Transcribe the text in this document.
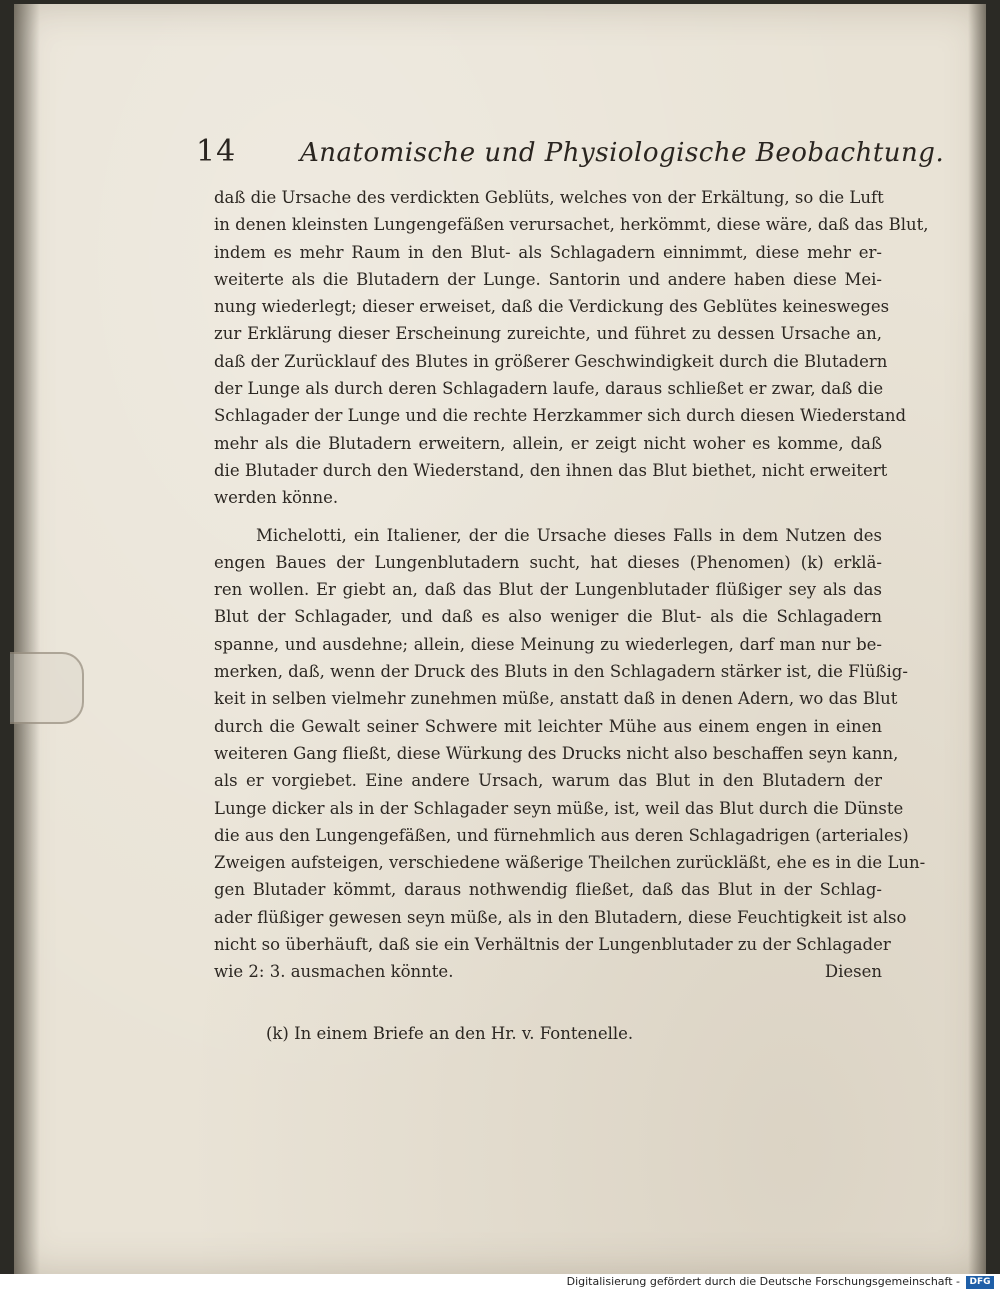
14 Anatomische und Physiologische Beobachtung.
daß die Ursache des verdickten Geblüts, welches von der Erkältung, so die Luft
in denen kleinsten Lungengefäßen verursachet, herkömmt, diese wäre, daß das Blut,
indem es mehr Raum in den Blut- als Schlagadern einnimmt, diese mehr er-
weiterte als die Blutadern der Lunge. Santorin und andere haben diese Mei-
nung wiederlegt; dieser erweiset, daß die Verdickung des Geblütes keinesweges
zur Erklärung dieser Erscheinung zureichte, und führet zu dessen Ursache an,
daß der Zurücklauf des Blutes in größerer Geschwindigkeit durch die Blutadern
der Lunge als durch deren Schlagadern laufe, daraus schließet er zwar, daß die
Schlagader der Lunge und die rechte Herzkammer sich durch diesen Wiederstand
mehr als die Blutadern erweitern, allein, er zeigt nicht woher es komme, daß
die Blutader durch den Wiederstand, den ihnen das Blut biethet, nicht erweitert
werden könne.
Michelotti, ein Italiener, der die Ursache dieses Falls in dem Nutzen des
engen Baues der Lungenblutadern sucht, hat dieses (Phenomen) (k) erklä-
ren wollen. Er giebt an, daß das Blut der Lungenblutader flüßiger sey als das
Blut der Schlagader, und daß es also weniger die Blut- als die Schlagadern
spanne, und ausdehne; allein, diese Meinung zu wiederlegen, darf man nur be-
merken, daß, wenn der Druck des Bluts in den Schlagadern stärker ist, die Flüßig-
keit in selben vielmehr zunehmen müße, anstatt daß in denen Adern, wo das Blut
durch die Gewalt seiner Schwere mit leichter Mühe aus einem engen in einen
weiteren Gang fließt, diese Würkung des Drucks nicht also beschaffen seyn kann,
als er vorgiebet. Eine andere Ursach, warum das Blut in den Blutadern der
Lunge dicker als in der Schlagader seyn müße, ist, weil das Blut durch die Dünste
die aus den Lungengefäßen, und fürnehmlich aus deren Schlagadrigen (arteriales)
Zweigen aufsteigen, verschiedene wäßerige Theilchen zurückläßt, ehe es in die Lun-
gen Blutader kömmt, daraus nothwendig fließet, daß das Blut in der Schlag-
ader flüßiger gewesen seyn müße, als in den Blutadern, diese Feuchtigkeit ist also
nicht so überhäuft, daß sie ein Verhältnis der Lungenblutader zu der Schlagader
wie 2: 3. ausmachen könnte.	Diesen
(k) In einem Briefe an den Hr. v. Fontenelle.
Digitalisierung gefördert durch die Deutsche Forschungsgemeinschaft -	DFG
